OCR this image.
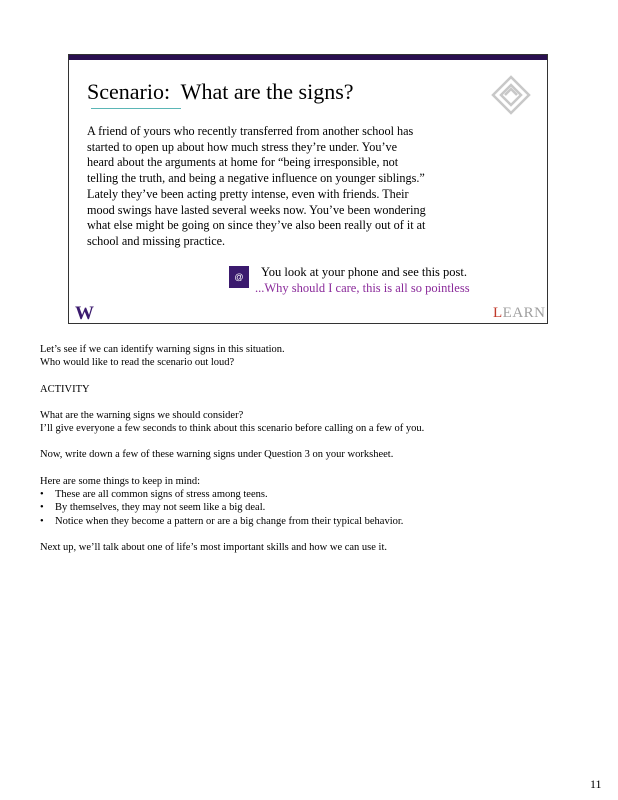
Scenario:  What are the signs?
A friend of yours who recently transferred from another school has
started to open up about how much stress they’re under. You’ve
heard about the arguments at home for “being irresponsible, not
telling the truth, and being a negative influence on younger siblings.”
Lately they’ve been acting pretty intense, even with friends. Their
mood swings have lasted several weeks now. You’ve been wondering
what else might be going on since they’ve also been really out of it at
school and missing practice.
@	You look at your phone and see this post.
...Why should I care, this is all so pointless
W	LEARN

Let’s see if we can identify warning signs in this situation.

Who would like to read the scenario out loud?

ACTIVITY

What are the warning signs we should consider?

I’ll give everyone a few seconds to think about this scenario before calling on a few of you.

Now, write down a few of these warning signs under Question 3 on your worksheet.

Here are some things to keep in mind:

•	These are all common signs of stress among teens.
•	By themselves, they may not seem like a big deal.
•	Notice when they become a pattern or are a big change from their typical behavior.

Next up, we’ll talk about one of life’s most important skills and how we can use it.

11
